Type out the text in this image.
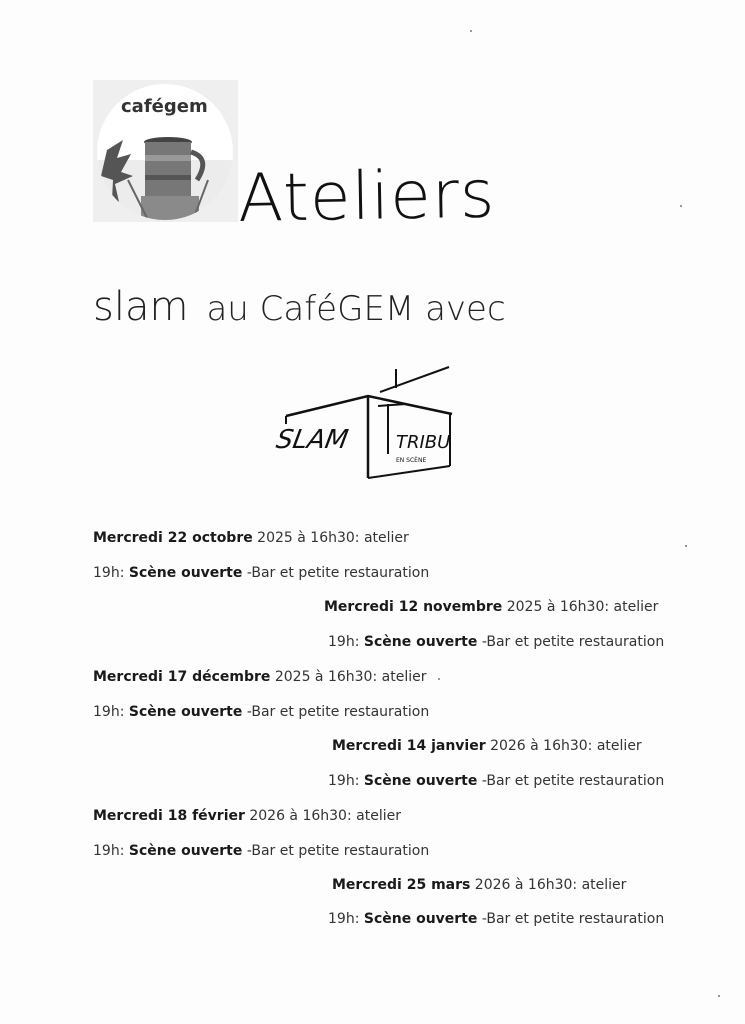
cafégem
Ateliers
slam au CaféGEM avec
SLAM	TRIBU
EN SCÈNE

Mercredi 22 octobre 2025 à 16h30: atelier

19h: Scène ouverte -Bar et petite restauration

Mercredi 12 novembre 2025 à 16h30: atelier

19h: Scène ouverte -Bar et petite restauration

Mercredi 17 décembre 2025 à 16h30: atelier

19h: Scène ouverte -Bar et petite restauration

Mercredi 14 janvier 2026 à 16h30: atelier

19h: Scène ouverte -Bar et petite restauration

Mercredi 18 février 2026 à 16h30: atelier

19h: Scène ouverte -Bar et petite restauration

Mercredi 25 mars 2026 à 16h30: atelier

19h: Scène ouverte -Bar et petite restauration
